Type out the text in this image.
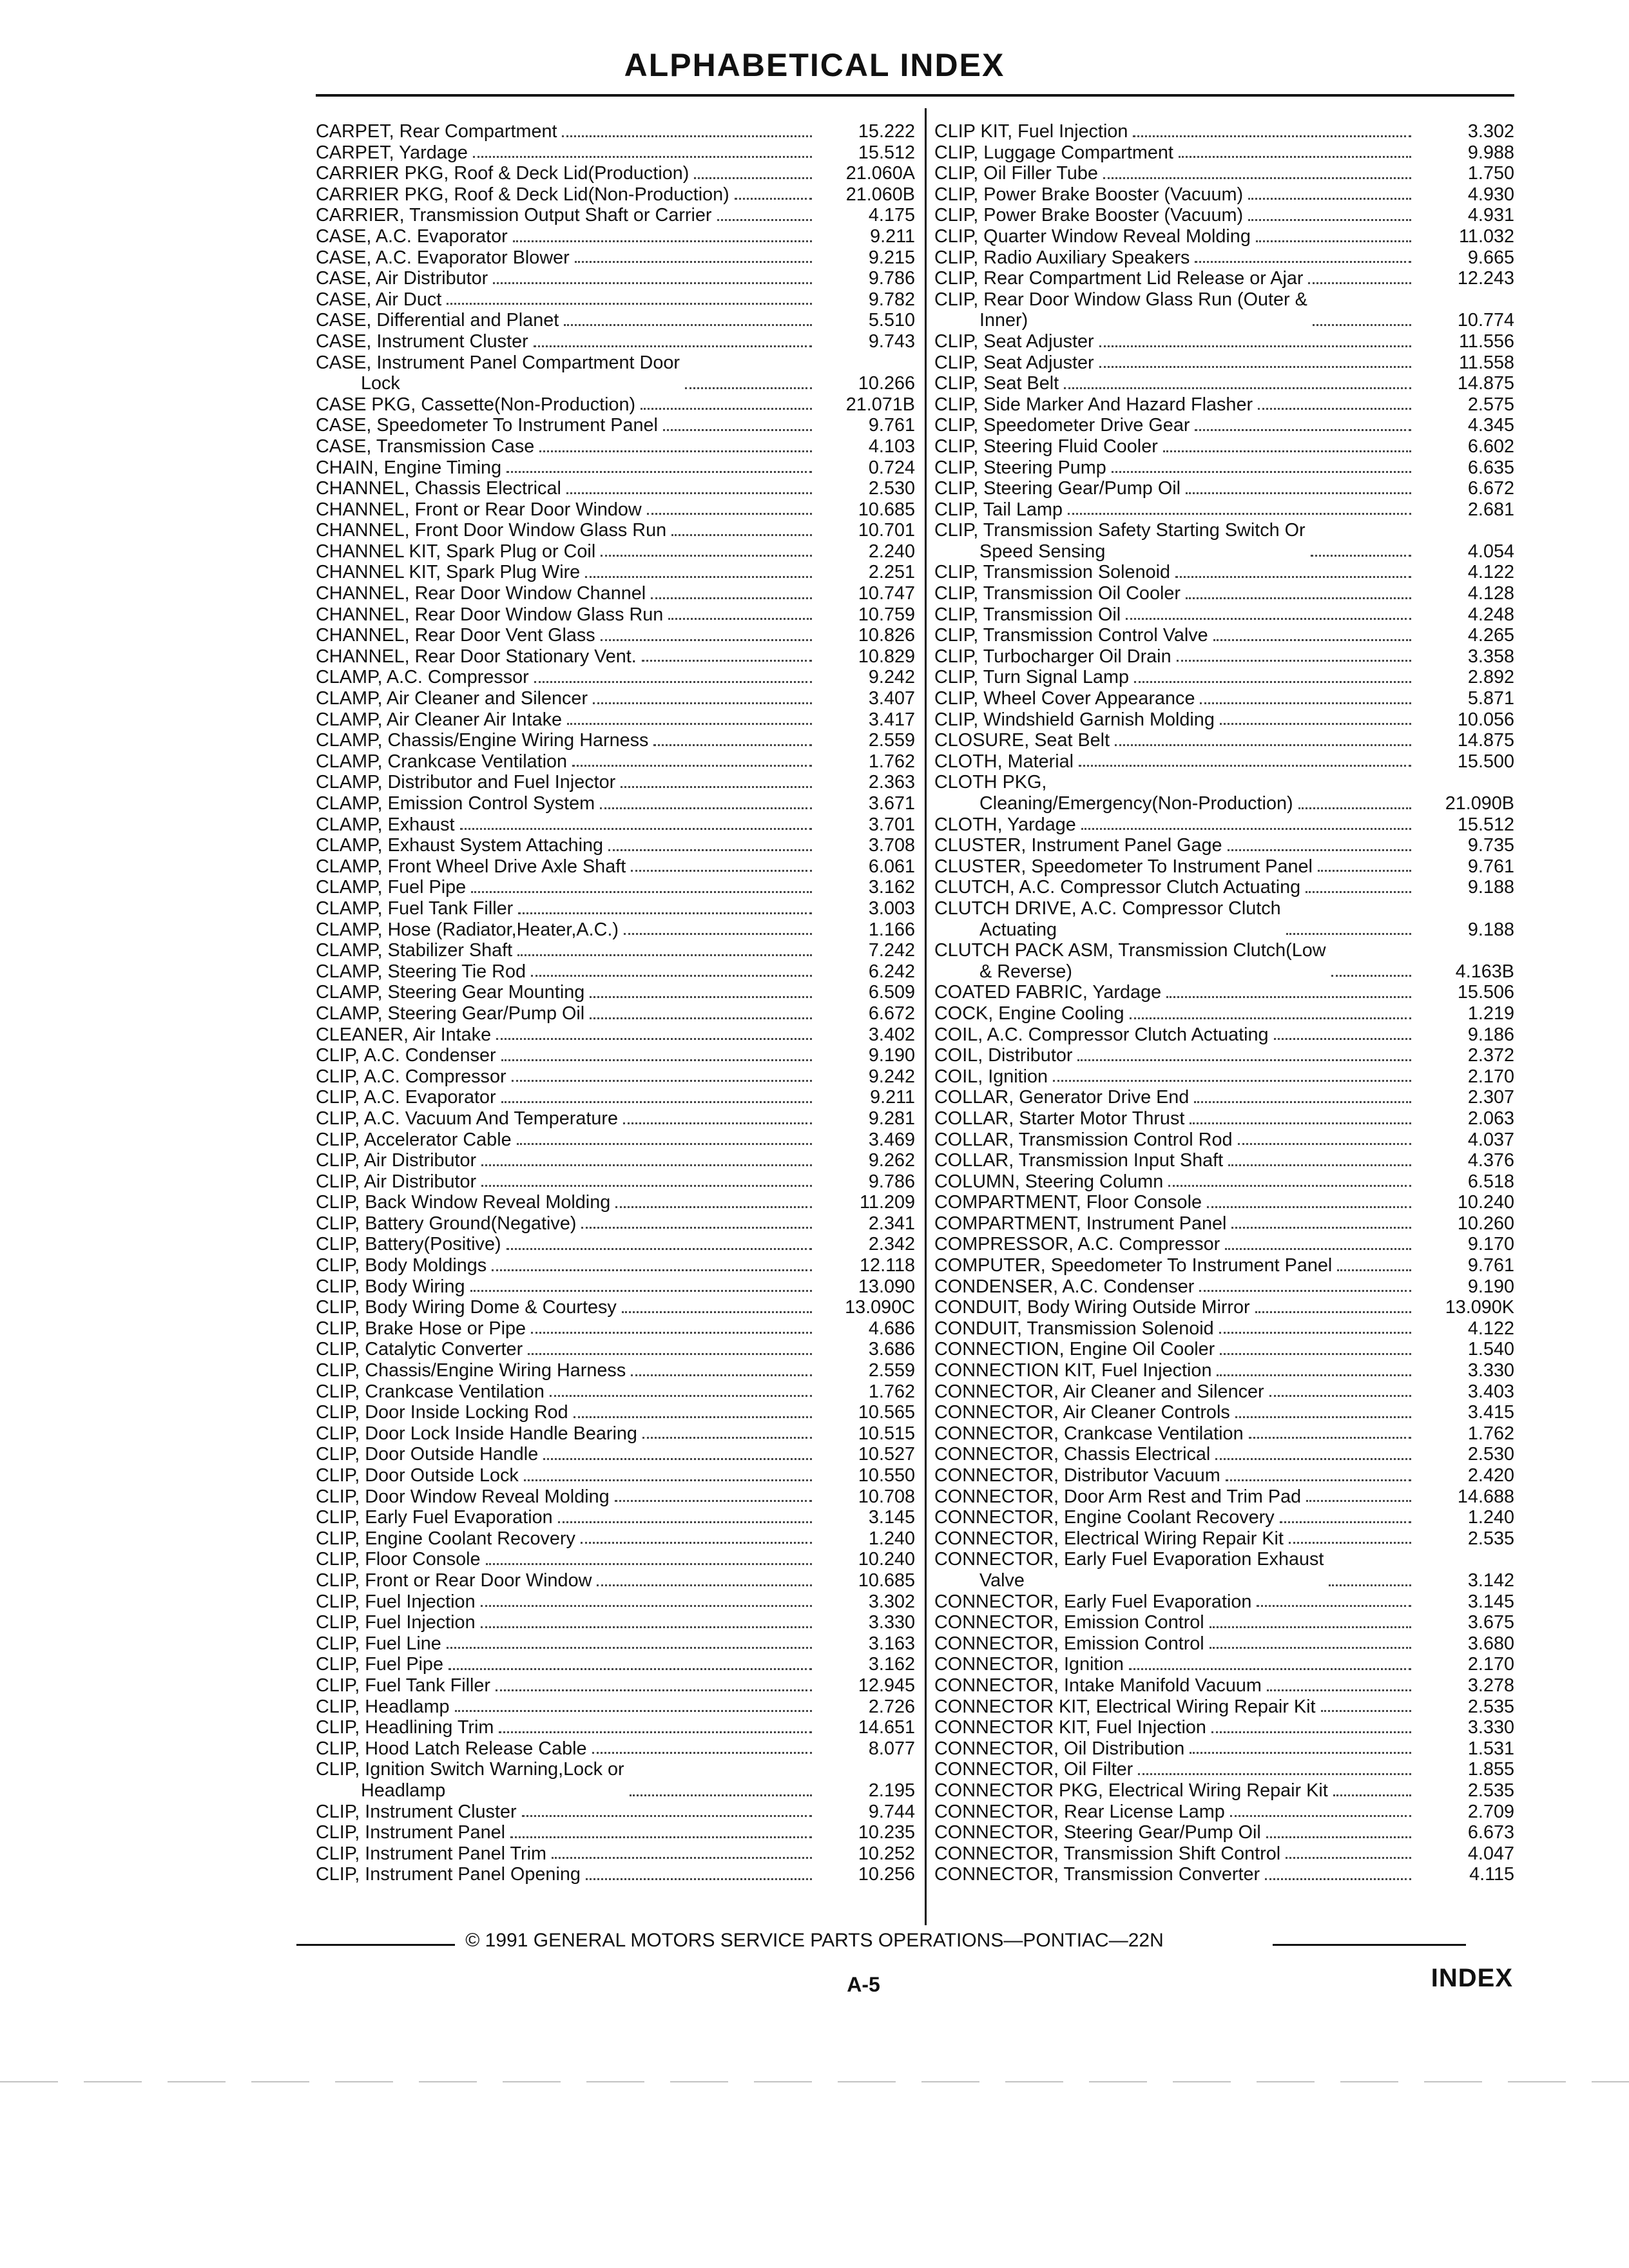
ALPHABETICAL INDEX
CARPET, Rear Compartment	15.222
CARPET, Yardage	15.512
CARRIER PKG, Roof & Deck Lid(Production)	21.060A
CARRIER PKG, Roof & Deck Lid(Non-Production)	21.060B
CARRIER, Transmission Output Shaft or Carrier	4.175
CASE, A.C. Evaporator	9.211
CASE, A.C. Evaporator Blower	9.215
CASE, Air Distributor	9.786
CASE, Air Duct	9.782
CASE, Differential and Planet	5.510
CASE, Instrument Cluster	9.743
CASE, Instrument Panel Compartment Door
Lock	10.266
CASE PKG, Cassette(Non-Production)	21.071B
CASE, Speedometer To Instrument Panel	9.761
CASE, Transmission Case	4.103
CHAIN, Engine Timing	0.724
CHANNEL, Chassis Electrical	2.530
CHANNEL, Front or Rear Door Window	10.685
CHANNEL, Front Door Window Glass Run	10.701
CHANNEL KIT, Spark Plug or Coil	2.240
CHANNEL KIT, Spark Plug Wire	2.251
CHANNEL, Rear Door Window Channel	10.747
CHANNEL, Rear Door Window Glass Run	10.759
CHANNEL, Rear Door Vent Glass	10.826
CHANNEL, Rear Door Stationary Vent.	10.829
CLAMP, A.C. Compressor	9.242
CLAMP, Air Cleaner and Silencer	3.407
CLAMP, Air Cleaner Air Intake	3.417
CLAMP, Chassis/Engine Wiring Harness	2.559
CLAMP, Crankcase Ventilation	1.762
CLAMP, Distributor and Fuel Injector	2.363
CLAMP, Emission Control System	3.671
CLAMP, Exhaust	3.701
CLAMP, Exhaust System Attaching	3.708
CLAMP, Front Wheel Drive Axle Shaft	6.061
CLAMP, Fuel Pipe	3.162
CLAMP, Fuel Tank Filler	3.003
CLAMP, Hose (Radiator,Heater,A.C.)	1.166
CLAMP, Stabilizer Shaft	7.242
CLAMP, Steering Tie Rod	6.242
CLAMP, Steering Gear Mounting	6.509
CLAMP, Steering Gear/Pump Oil	6.672
CLEANER, Air Intake	3.402
CLIP, A.C. Condenser	9.190
CLIP, A.C. Compressor	9.242
CLIP, A.C. Evaporator	9.211
CLIP, A.C. Vacuum And Temperature	9.281
CLIP, Accelerator Cable	3.469
CLIP, Air Distributor	9.262
CLIP, Air Distributor	9.786
CLIP, Back Window Reveal Molding	11.209
CLIP, Battery Ground(Negative)	2.341
CLIP, Battery(Positive)	2.342
CLIP, Body Moldings	12.118
CLIP, Body Wiring	13.090
CLIP, Body Wiring Dome & Courtesy	13.090C
CLIP, Brake Hose or Pipe	4.686
CLIP, Catalytic Converter	3.686
CLIP, Chassis/Engine Wiring Harness	2.559
CLIP, Crankcase Ventilation	1.762
CLIP, Door Inside Locking Rod	10.565
CLIP, Door Lock Inside Handle Bearing	10.515
CLIP, Door Outside Handle	10.527
CLIP, Door Outside Lock	10.550
CLIP, Door Window Reveal Molding	10.708
CLIP, Early Fuel Evaporation	3.145
CLIP, Engine Coolant Recovery	1.240
CLIP, Floor Console	10.240
CLIP, Front or Rear Door Window	10.685
CLIP, Fuel Injection	3.302
CLIP, Fuel Injection	3.330
CLIP, Fuel Line	3.163
CLIP, Fuel Pipe	3.162
CLIP, Fuel Tank Filler	12.945
CLIP, Headlamp	2.726
CLIP, Headlining Trim	14.651
CLIP, Hood Latch Release Cable	8.077
CLIP, Ignition Switch Warning,Lock or
Headlamp	2.195
CLIP, Instrument Cluster	9.744
CLIP, Instrument Panel	10.235
CLIP, Instrument Panel Trim	10.252
CLIP, Instrument Panel Opening	10.256
CLIP KIT, Fuel Injection	3.302
CLIP, Luggage Compartment	9.988
CLIP, Oil Filler Tube	1.750
CLIP, Power Brake Booster (Vacuum)	4.930
CLIP, Power Brake Booster (Vacuum)	4.931
CLIP, Quarter Window Reveal Molding	11.032
CLIP, Radio Auxiliary Speakers	9.665
CLIP, Rear Compartment Lid Release or Ajar	12.243
CLIP, Rear Door Window Glass Run (Outer &
Inner)	10.774
CLIP, Seat Adjuster	11.556
CLIP, Seat Adjuster	11.558
CLIP, Seat Belt	14.875
CLIP, Side Marker And Hazard Flasher	2.575
CLIP, Speedometer Drive Gear	4.345
CLIP, Steering Fluid Cooler	6.602
CLIP, Steering Pump	6.635
CLIP, Steering Gear/Pump Oil	6.672
CLIP, Tail Lamp	2.681
CLIP, Transmission Safety Starting Switch Or
Speed Sensing	4.054
CLIP, Transmission Solenoid	4.122
CLIP, Transmission Oil Cooler	4.128
CLIP, Transmission Oil	4.248
CLIP, Transmission Control Valve	4.265
CLIP, Turbocharger Oil Drain	3.358
CLIP, Turn Signal Lamp	2.892
CLIP, Wheel Cover Appearance	5.871
CLIP, Windshield Garnish Molding	10.056
CLOSURE, Seat Belt	14.875
CLOTH, Material	15.500
CLOTH PKG,
Cleaning/Emergency(Non-Production)	21.090B
CLOTH, Yardage	15.512
CLUSTER, Instrument Panel Gage	9.735
CLUSTER, Speedometer To Instrument Panel	9.761
CLUTCH, A.C. Compressor Clutch Actuating	9.188
CLUTCH DRIVE, A.C. Compressor Clutch
Actuating	9.188
CLUTCH PACK ASM, Transmission Clutch(Low
& Reverse)	4.163B
COATED FABRIC, Yardage	15.506
COCK, Engine Cooling	1.219
COIL, A.C. Compressor Clutch Actuating	9.186
COIL, Distributor	2.372
COIL, Ignition	2.170
COLLAR, Generator Drive End	2.307
COLLAR, Starter Motor Thrust	2.063
COLLAR, Transmission Control Rod	4.037
COLLAR, Transmission Input Shaft	4.376
COLUMN, Steering Column	6.518
COMPARTMENT, Floor Console	10.240
COMPARTMENT, Instrument Panel	10.260
COMPRESSOR, A.C. Compressor	9.170
COMPUTER, Speedometer To Instrument Panel	9.761
CONDENSER, A.C. Condenser	9.190
CONDUIT, Body Wiring Outside Mirror	13.090K
CONDUIT, Transmission Solenoid	4.122
CONNECTION, Engine Oil Cooler	1.540
CONNECTION KIT, Fuel Injection	3.330
CONNECTOR, Air Cleaner and Silencer	3.403
CONNECTOR, Air Cleaner Controls	3.415
CONNECTOR, Crankcase Ventilation	1.762
CONNECTOR, Chassis Electrical	2.530
CONNECTOR, Distributor Vacuum	2.420
CONNECTOR, Door Arm Rest and Trim Pad	14.688
CONNECTOR, Engine Coolant Recovery	1.240
CONNECTOR, Electrical Wiring Repair Kit	2.535
CONNECTOR, Early Fuel Evaporation Exhaust
Valve	3.142
CONNECTOR, Early Fuel Evaporation	3.145
CONNECTOR, Emission Control	3.675
CONNECTOR, Emission Control	3.680
CONNECTOR, Ignition	2.170
CONNECTOR, Intake Manifold Vacuum	3.278
CONNECTOR KIT, Electrical Wiring Repair Kit	2.535
CONNECTOR KIT, Fuel Injection	3.330
CONNECTOR, Oil Distribution	1.531
CONNECTOR, Oil Filter	1.855
CONNECTOR PKG, Electrical Wiring Repair Kit	2.535
CONNECTOR, Rear License Lamp	2.709
CONNECTOR, Steering Gear/Pump Oil	6.673
CONNECTOR, Transmission Shift Control	4.047
CONNECTOR, Transmission Converter	4.115
© 1991 GENERAL MOTORS SERVICE PARTS OPERATIONS—PONTIAC—22N
A-5	INDEX
